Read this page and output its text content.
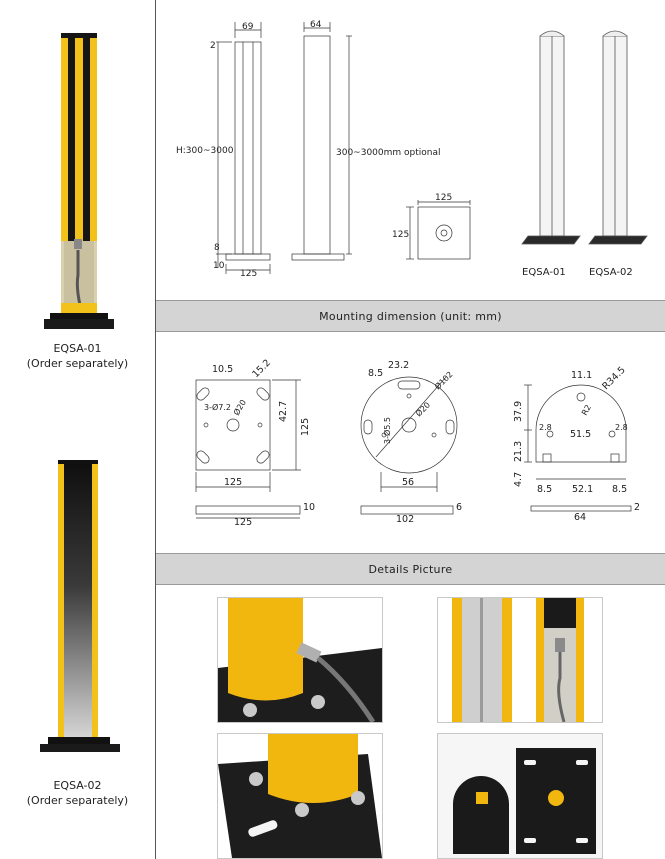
EQSA-01
(Order separately)
EQSA-02
(Order separately)
69	64
2
H:300~3000	300~3000mm optional
125
10
8
125
125
EQSA-01 EQSA-02
Mounting dimension (unit: mm)
10.5 15.2
3-Ø7.2 Ø20	42.7
125
125
10
125
23.2
8.5	Ø102
Ø20
3-Ø5.5
56
6
102
11.1 R34.5
R2
2.8	2.8
51.5
37.9
21.3
4.7
8.5 52.1 8.5
2
64
Details Picture
